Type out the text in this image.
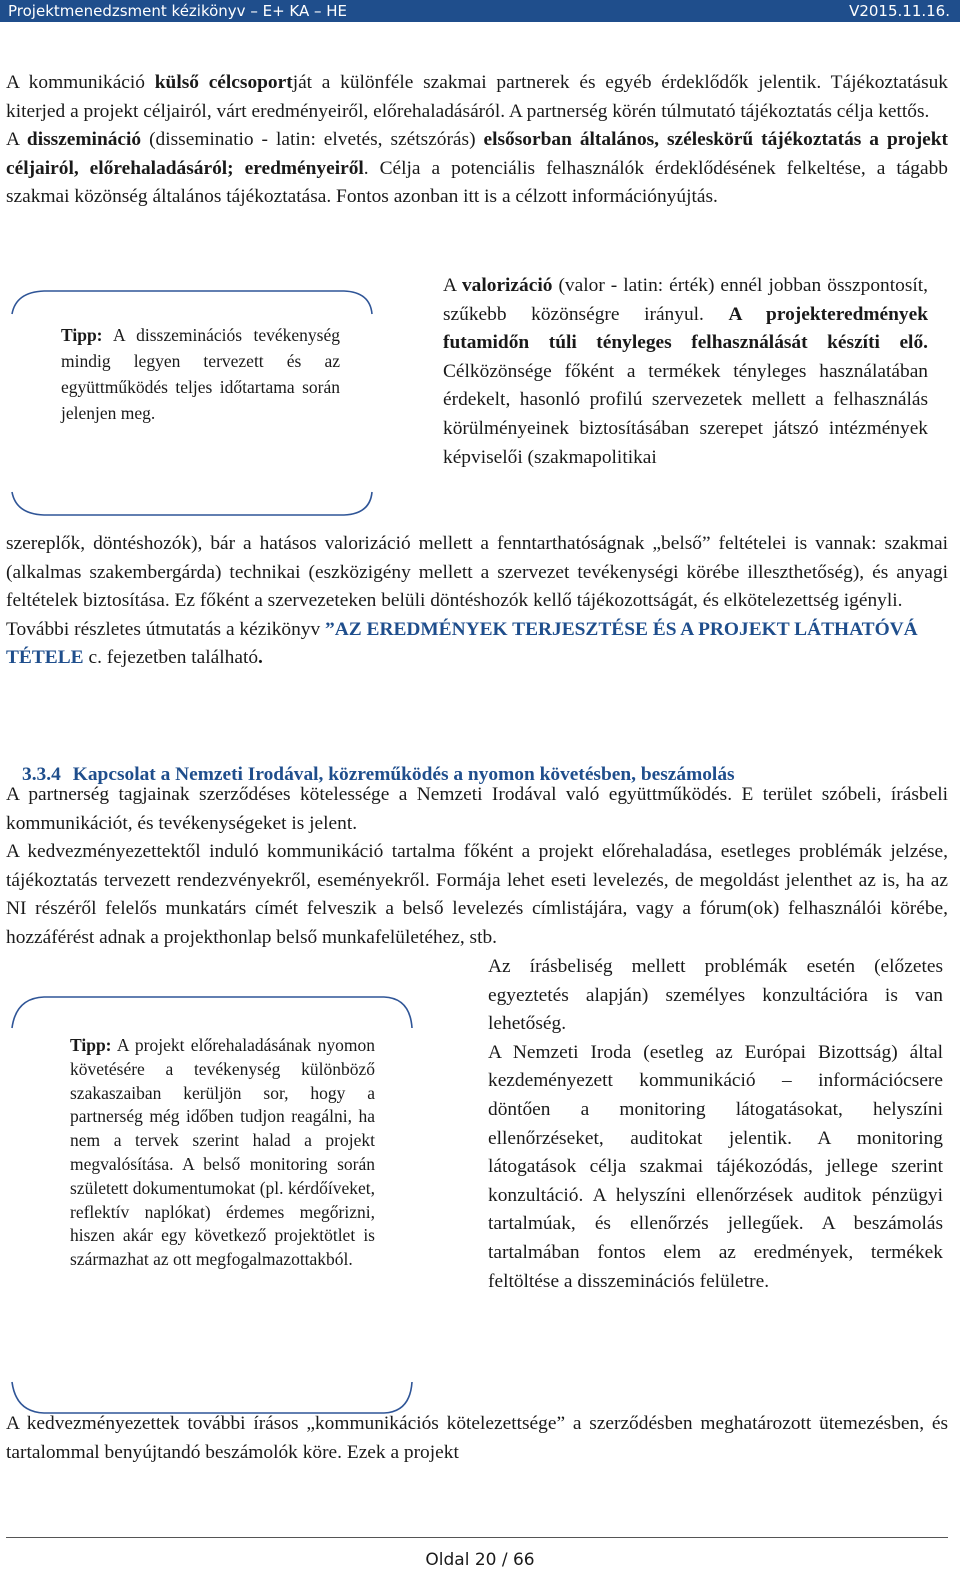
Projektmenedzsment kézikönyv – E+ KA – HE	V2015.11.16.

A kommunikáció külső célcsoportját a különféle szakmai partnerek és egyéb érdeklődők jelentik. Tájékoztatásuk kiterjed a projekt céljairól, várt eredményeiről, előrehaladásáról. A partnerség körén túlmutató tájékoztatás célja kettős.

A disszemináció (disseminatio - latin: elvetés, szétszórás) elsősorban általános, széleskörű tájékoztatás a projekt céljairól, előrehaladásáról; eredményeiről. Célja a potenciális felhasználók érdeklődésének felkeltése, a tágabb szakmai közönség általános tájékoztatása. Fontos azonban itt is a célzott információnyújtás.

Tipp: A disszeminációs tevékenység mindig legyen tervezett és az együttműködés teljes időtartama során jelenjen meg.
A valorizáció (valor - latin: érték) ennél jobban összpontosít, szűkebb közönségre irányul. A projekteredmények futamidőn túli tényleges felhasználását készíti elő. Célközönsége főként a termékek tényleges használatában érdekelt, hasonló profilú szervezetek mellett a felhasználás körülményeinek biztosításában szerepet játszó intézmények képviselői (szakmapolitikai

szereplők, döntéshozók), bár a hatásos valorizáció mellett a fenntarthatóságnak „belső” feltételei is vannak: szakmai (alkalmas szakembergárda) technikai (eszközigény mellett a szervezet tevékenységi körébe illeszthetőség), és anyagi feltételek biztosítása. Ez főként a szervezeteken belüli döntéshozók kellő tájékozottságát, és elkötelezettség igényli.

További részletes útmutatás a kézikönyv ”AZ EREDMÉNYEK TERJESZTÉSE ÉS A PROJEKT LÁTHATÓVÁ TÉTELE c. fejezetben található.

3.3.4 Kapcsolat a Nemzeti Irodával, közreműködés a nyomon követésben, beszámolás

A partnerség tagjainak szerződéses kötelessége a Nemzeti Irodával való együttműködés. E terület szóbeli, írásbeli kommunikációt, és tevékenységeket is jelent.

A kedvezményezettektől induló kommunikáció tartalma főként a projekt előrehaladása, esetleges problémák jelzése, tájékoztatás tervezett rendezvényekről, eseményekről. Formája lehet eseti levelezés, de megoldást jelenthet az is, ha az NI részéről felelős munkatárs címét felveszik a belső levelezés címlistájára, vagy a fórum(ok) felhasználói körébe, hozzáférést adnak a projekthonlap belső munkafelületéhez, stb.

Tipp: A projekt előrehaladásának nyomon követésére a tevékenység különböző szakaszaiban kerüljön sor, hogy a partnerség még időben tudjon reagálni, ha nem a tervek szerint halad a projekt megvalósítása. A belső monitoring során született dokumentumokat (pl. kérdőíveket, reflektív naplókat) érdemes megőrizni, hiszen akár egy következő projektötlet is származhat az ott megfogalmazottakból.
Az írásbeliség mellett problémák esetén (előzetes egyeztetés alapján) személyes konzultációra is van lehetőség.
A Nemzeti Iroda (esetleg az Európai Bizottság) által kezdeményezett kommunikáció – információcsere döntően a monitoring látogatásokat, helyszíni ellenőrzéseket, auditokat jelentik. A monitoring látogatások célja szakmai tájékozódás, jellege szerint konzultáció. A helyszíni ellenőrzések auditok pénzügyi tartalmúak, és ellenőrzés jellegűek. A beszámolás tartalmában fontos elem az eredmények, termékek feltöltése a disszeminációs felületre.

A kedvezményezettek további írásos „kommunikációs kötelezettsége” a szerződésben meghatározott ütemezésben, és tartalommal benyújtandó beszámolók köre. Ezek a projekt

Oldal 20 / 66
